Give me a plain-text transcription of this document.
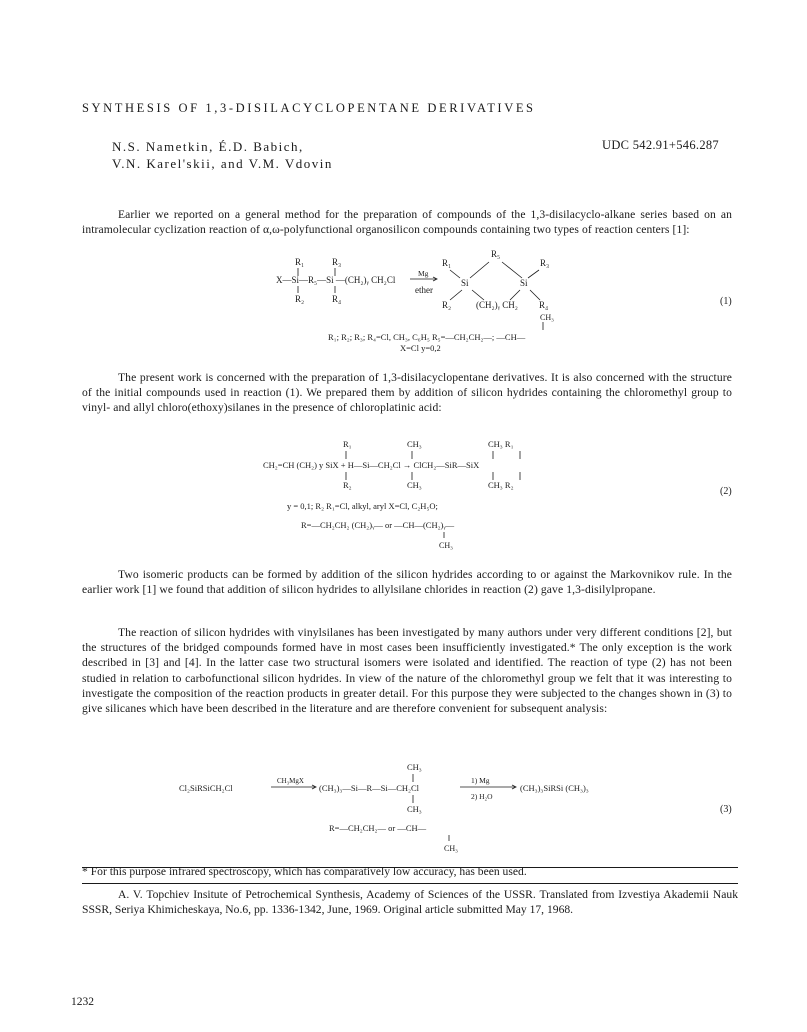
SYNTHESIS OF 1,3-DISILACYCLOPENTANE DERIVATIVES
N.S. Nametkin, É.D. Babich,
V.N. Karel'skii, and V.M. Vdovin
UDC 542.91+546.287

Earlier we reported on a general method for the preparation of compounds of the 1,3-disilacyclo-alkane series based on an intramolecular cyclization reaction of α,ω-polyfunctional organosilicon compounds containing two types of reaction centers [1]:

R₁	R₃
X—Si—R₅—Si —(CH₂)ᵧ CH₂Cl
R₂	R₄
Mg
ether
R₅
R₁	R₃
Si	Si
R₂	(CH₂)ᵧ CH₂ R₄
CH₃
(1)
R₁; R₂; R₃; R₄=Cl, CH₃, C₆H₅ R₅=—CH₂CH₂—; —CH—
X=Cl y=0,2

The present work is concerned with the preparation of 1,3-disilacyclopentane derivatives. It is also concerned with the structure of the initial compounds used in reaction (1). We prepared them by addition of silicon hydrides containing the chloromethyl group to vinyl- and allyl chloro(ethoxy)silanes in the presence of chloroplatinic acid:

R₁	CH₃	CH₃ R₁
CH₂=CH (CH₂) y SiX + H—Si—CH₂Cl → ClCH₂—SiR—SiX
R₂	CH₃	CH₃ R₂
(2)
y = 0,1; R₂ R₁=Cl, alkyl, aryl X=Cl, C₂H₅O;
R=—CH₂CH₂ (CH₂)ᵧ— or —CH—(CH₂)ᵧ—
CH₃

Two isomeric products can be formed by addition of the silicon hydrides according to or against the Markovnikov rule. In the earlier work [1] we found that addition of silicon hydrides to allylsilane chlorides in reaction (2) gave 1,3-disilylpropane.

The reaction of silicon hydrides with vinylsilanes has been investigated by many authors under very different conditions [2], but the structures of the bridged compounds formed have in most cases been insufficiently investigated.* The only exception is the work described in [3] and [4]. In the latter case two structural isomers were isolated and identified. The reaction of type (2) has not been studied in relation to carbofunctional silicon hydrides. In view of the nature of the chloromethyl group we felt that it was interesting to investigate the composition of the reaction products in greater detail. For this purpose they were subjected to the changes shown in (3) to give silicanes which have been described in the literature and are therefore convenient for subsequent analysis:

CH₃
Cl₂SiRSiCH₂Cl
CH₃MgX
(CH₃)₃—Si—R—Si—CH₂Cl
1) Mg
2) H₂O
(CH₃)₃SiRSi (CH₃)₃
CH₃	(3)
R=—CH₂CH₂— or —CH—
CH₃
* For this purpose infrared spectroscopy, which has comparatively low accuracy, has been used.
A. V. Topchiev Insitute of Petrochemical Synthesis, Academy of Sciences of the USSR. Translated from Izvestiya Akademii Nauk SSSR, Seriya Khimicheskaya, No.6, pp. 1336-1342, June, 1969. Original article submitted May 17, 1968.
1232
